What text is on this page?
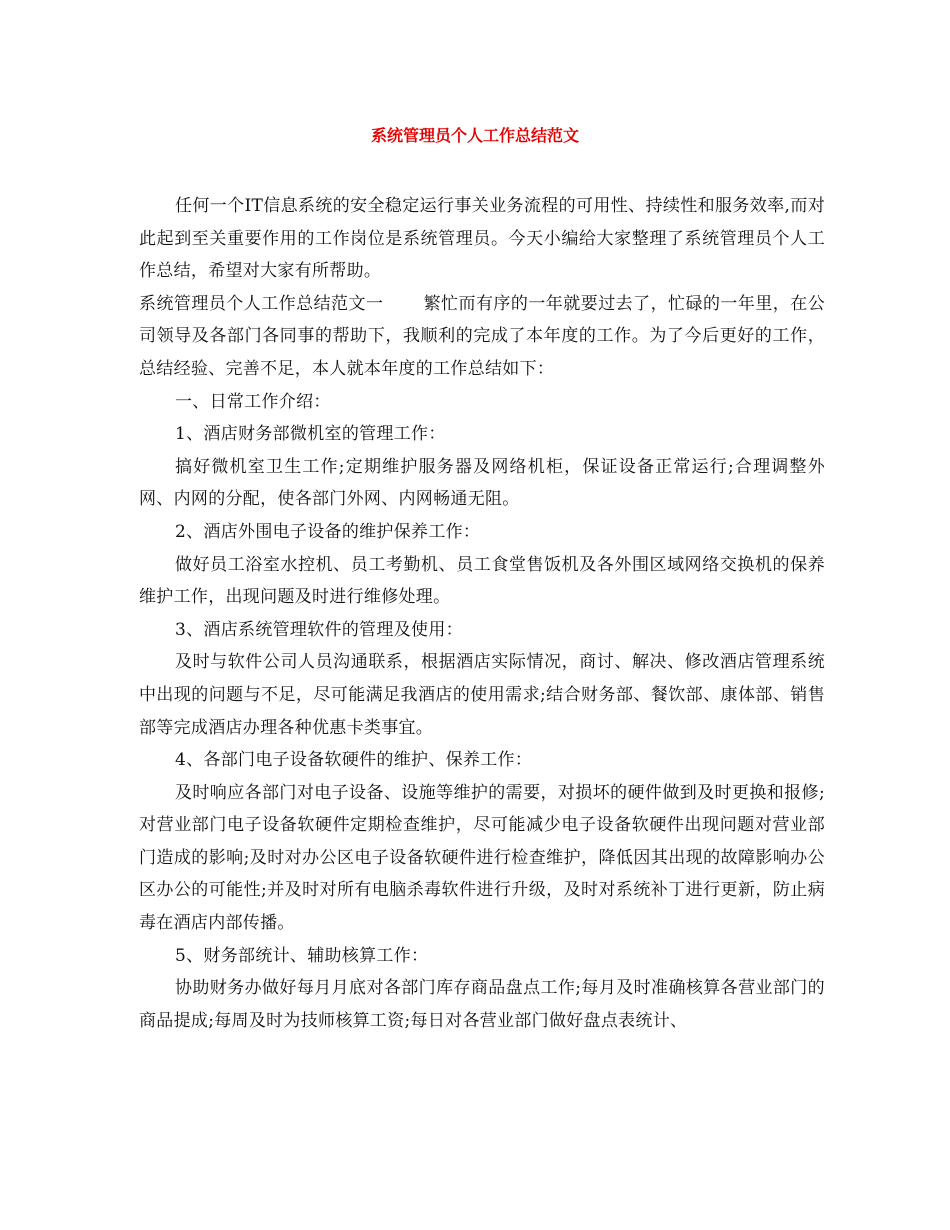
系统管理员个人工作总结范文

任何一个IT信息系统的安全稳定运行事关业务流程的可用性、持续性和服务效率,而对此起到至关重要作用的工作岗位是系统管理员。今天小编给大家整理了系统管理员个人工作总结，希望对大家有所帮助。

系统管理员个人工作总结范文一 繁忙而有序的一年就要过去了，忙碌的一年里，在公司领导及各部门各同事的帮助下，我顺利的完成了本年度的工作。为了今后更好的工作，总结经验、完善不足，本人就本年度的工作总结如下：

一、日常工作介绍：

1、酒店财务部微机室的管理工作：

搞好微机室卫生工作;定期维护服务器及网络机柜，保证设备正常运行;合理调整外网、内网的分配，使各部门外网、内网畅通无阻。

2、酒店外围电子设备的维护保养工作：

做好员工浴室水控机、员工考勤机、员工食堂售饭机及各外围区域网络交换机的保养维护工作，出现问题及时进行维修处理。

3、酒店系统管理软件的管理及使用：

及时与软件公司人员沟通联系，根据酒店实际情况，商讨、解决、修改酒店管理系统中出现的问题与不足，尽可能满足我酒店的使用需求;结合财务部、餐饮部、康体部、销售部等完成酒店办理各种优惠卡类事宜。

4、各部门电子设备软硬件的维护、保养工作：

及时响应各部门对电子设备、设施等维护的需要，对损坏的硬件做到及时更换和报修;对营业部门电子设备软硬件定期检查维护，尽可能减少电子设备软硬件出现问题对营业部门造成的影响;及时对办公区电子设备软硬件进行检查维护，降低因其出现的故障影响办公区办公的可能性;并及时对所有电脑杀毒软件进行升级，及时对系统补丁进行更新，防止病毒在酒店内部传播。

5、财务部统计、辅助核算工作：

协助财务办做好每月月底对各部门库存商品盘点工作;每月及时准确核算各营业部门的商品提成;每周及时为技师核算工资;每日对各营业部门做好盘点表统计、
